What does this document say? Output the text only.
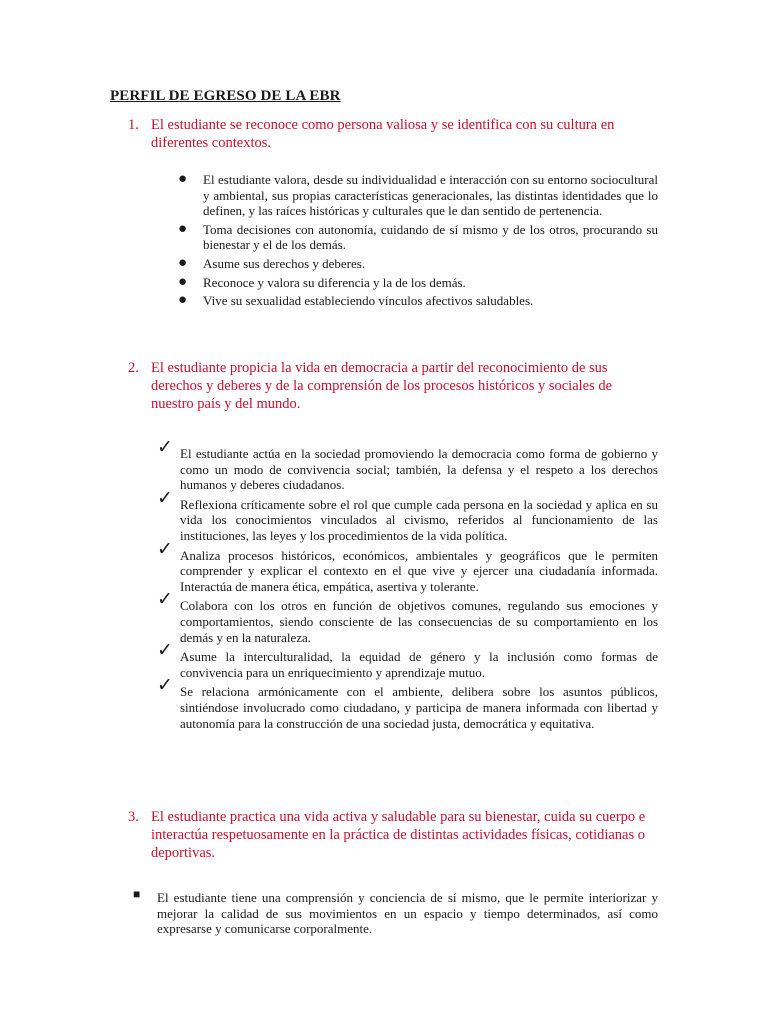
PERFIL DE EGRESO DE LA EBR
1. El estudiante se reconoce como persona valiosa y se identifica con su cultura en diferentes contextos.
● El estudiante valora, desde su individualidad e interacción con su entorno sociocultural y ambiental, sus propias características generacionales, las distintas identidades que lo definen, y las raíces históricas y culturales que le dan sentido de pertenencia.
● Toma decisiones con autonomía, cuidando de sí mismo y de los otros, procurando su bienestar y el de los demás.
● Asume sus derechos y deberes.
● Reconoce y valora su diferencia y la de los demás.
● Vive su sexualidad estableciendo vínculos afectivos saludables.
2. El estudiante propicia la vida en democracia a partir del reconocimiento de sus derechos y deberes y de la comprensión de los procesos históricos y sociales de nuestro país y del mundo.
✓ El estudiante actúa en la sociedad promoviendo la democracia como forma de gobierno y como un modo de convivencia social; también, la defensa y el respeto a los derechos humanos y deberes ciudadanos.
✓ Reflexiona críticamente sobre el rol que cumple cada persona en la sociedad y aplica en su vida los conocimientos vinculados al civismo, referidos al funcionamiento de las instituciones, las leyes y los procedimientos de la vida política.
✓ Analiza procesos históricos, económicos, ambientales y geográficos que le permiten comprender y explicar el contexto en el que vive y ejercer una ciudadanía informada. Interactúa de manera ética, empática, asertiva y tolerante.
✓ Colabora con los otros en función de objetivos comunes, regulando sus emociones y comportamientos, siendo consciente de las consecuencias de su comportamiento en los demás y en la naturaleza.
✓ Asume la interculturalidad, la equidad de género y la inclusión como formas de convivencia para un enriquecimiento y aprendizaje mutuo.
✓ Se relaciona armónicamente con el ambiente, delibera sobre los asuntos públicos, sintiéndose involucrado como ciudadano, y participa de manera informada con libertad y autonomía para la construcción de una sociedad justa, democrática y equitativa.
3. El estudiante practica una vida activa y saludable para su bienestar, cuida su cuerpo e interactúa respetuosamente en la práctica de distintas actividades físicas, cotidianas o deportivas.
■ El estudiante tiene una comprensión y conciencia de sí mismo, que le permite interiorizar y mejorar la calidad de sus movimientos en un espacio y tiempo determinados, así como expresarse y comunicarse corporalmente.
